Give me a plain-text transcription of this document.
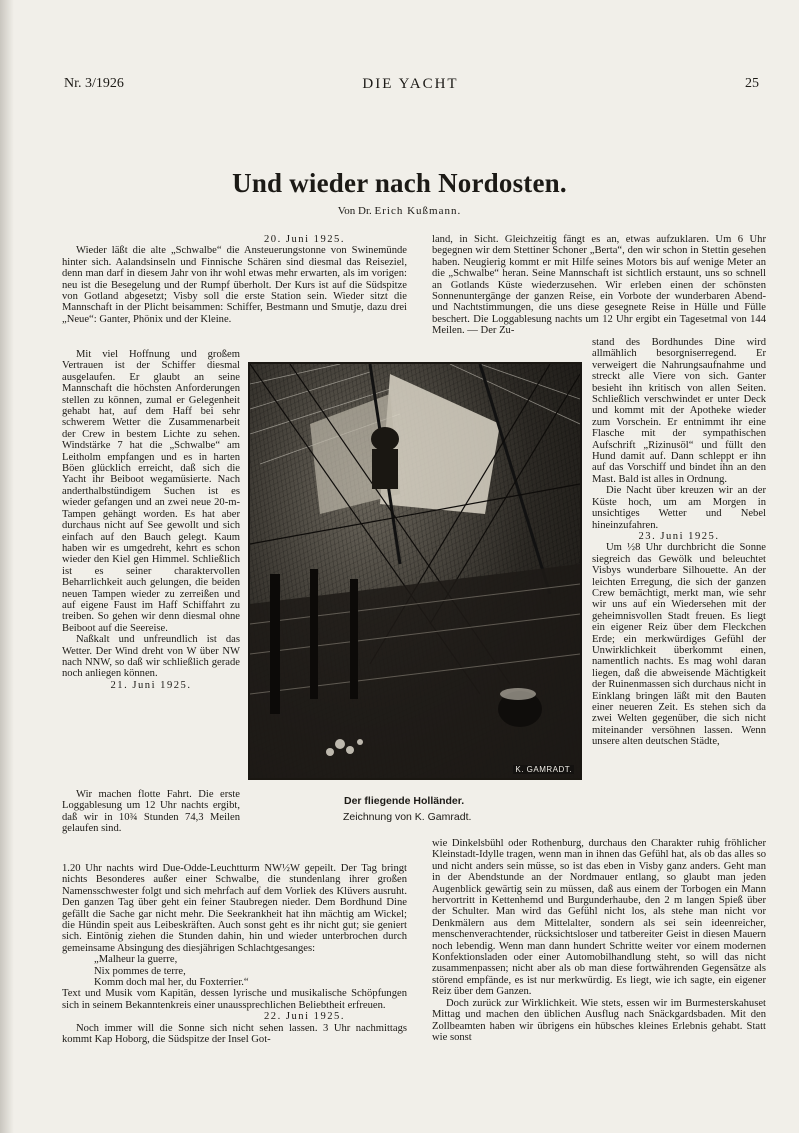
Nr. 3/1926	DIE YACHT	25
Und wieder nach Nordosten.
Von Dr. Erich Kußmann.

20. Juni 1925.

Wieder läßt die alte „Schwalbe“ die Ansteuerungstonne von Swinemünde hinter sich. Aalandsinseln und Finnische Schären sind diesmal das Reiseziel, denn man darf in diesem Jahr von ihr wohl etwas mehr erwarten, als im vorigen: neu ist die Besegelung und der Rumpf überholt. Der Kurs ist auf die Südspitze von Gotland abgesetzt; Visby soll die erste Station sein. Wieder sitzt die Mannschaft in der Plicht beisammen: Schiffer, Bestmann und Smutje, dazu drei „Neue“: Ganter, Phönix und der Kleine.

Mit viel Hoffnung und großem Vertrauen ist der Schiffer diesmal ausgelaufen. Er glaubt an seine Mannschaft die höchsten Anforderungen stellen zu können, zumal er Gelegenheit gehabt hat, auf dem Haff bei sehr schwerem Wetter die Zusammenarbeit der Crew in bestem Lichte zu sehen. Windstärke 7 hat die „Schwalbe“ am Leitholm empfangen und es in harten Böen glücklich erreicht, daß sich die Yacht ihr Beiboot wegamüsierte. Nach anderthalbstündigem Suchen ist es wieder gefangen und an zwei neue 20-m-Tampen gehängt worden. Es hat aber durchaus nicht auf See gewollt und sich einfach auf den Bauch gelegt. Kaum haben wir es umgedreht, kehrt es schon wieder den Kiel gen Himmel. Schließlich ist es seiner charaktervollen Beharrlichkeit auch gelungen, die beiden neuen Tampen wieder zu zerreißen und auf eigene Faust im Haff Schiffahrt zu treiben. So gehen wir denn diesmal ohne Beiboot auf die Seereise.

Naßkalt und unfreundlich ist das Wetter. Der Wind dreht von W über NW nach NNW, so daß wir schließlich gerade noch anliegen können.

21. Juni 1925.

Wir machen flotte Fahrt. Die erste Loggablesung um 12 Uhr nachts ergibt, daß wir in 10¾ Stunden 74,3 Meilen gelaufen sind.

1.20 Uhr nachts wird Due-Odde-Leuchtturm NW½W gepeilt. Der Tag bringt nichts Besonderes außer einer Schwalbe, die stundenlang ihrer großen Namensschwester folgt und sich mehrfach auf dem Vorliek des Klüvers ausruht. Den ganzen Tag über geht ein feiner Staubregen nieder. Dem Bordhund Dine gefällt die Sache gar nicht mehr. Die Seekrankheit hat ihn mächtig am Wickel; die Hündin speit aus Leibeskräften. Auch sonst geht es ihr nicht gut; sie geniert sich. Eintönig ziehen die Stunden dahin, hin und wieder unterbrochen durch gemeinsame Absingung des diesjährigen Schlachtgesanges:

„Malheur la guerre,

Nix pommes de terre,

Komm doch mal her, du Foxterrier.“

Text und Musik vom Kapitän, dessen lyrische und musikalische Schöpfungen sich in seinem Bekanntenkreis einer unaussprechlichen Beliebtheit erfreuen.

22. Juni 1925.

Noch immer will die Sonne sich nicht sehen lassen. 3 Uhr nachmittags kommt Kap Hoborg, die Südspitze der Insel Got-

land, in Sicht. Gleichzeitig fängt es an, etwas aufzuklaren. Um 6 Uhr begegnen wir dem Stettiner Schoner „Berta“, den wir schon in Stettin gesehen haben. Neugierig kommt er mit Hilfe seines Motors bis auf wenige Meter an die „Schwalbe“ heran. Seine Mannschaft ist sichtlich erstaunt, uns so schnell an Gotlands Küste wiederzusehen. Wir erleben einen der schönsten Sonnenuntergänge der ganzen Reise, ein Vorbote der wunderbaren Abend- und Nachtstimmungen, die uns diese gesegnete Reise in Hülle und Fülle beschert. Die Loggablesung nachts um 12 Uhr ergibt ein Tagesetmal von 144 Meilen. — Der Zu-

stand des Bordhundes Dine wird allmählich besorgniserregend. Er verweigert die Nahrungsaufnahme und streckt alle Viere von sich. Ganter besieht ihn kritisch von allen Seiten. Schließlich verschwindet er unter Deck und kommt mit der Apotheke wieder zum Vorschein. Er entnimmt ihr eine Flasche mit der sympathischen Aufschrift „Rizinusöl“ und füllt den Hund damit auf. Dann schleppt er ihn auf das Vorschiff und bindet ihn an den Mast. Bald ist alles in Ordnung.

Die Nacht über kreuzen wir an der Küste hoch, um am Morgen in unsichtiges Wetter und Nebel hineinzufahren.

23. Juni 1925.

Um ½8 Uhr durchbricht die Sonne siegreich das Gewölk und beleuchtet Visbys wunderbare Silhouette. An der leichten Erregung, die sich der ganzen Crew bemächtigt, merkt man, wie sehr wir uns auf ein Wiedersehen mit der geheimnisvollen Stadt freuen. Es liegt ein eigener Reiz über dem Fleckchen Erde; ein merkwürdiges Gefühl der Unwirklichkeit überkommt einen, namentlich nachts. Es mag wohl daran liegen, daß die abweisende Mächtigkeit der Ruinenmassen sich durchaus nicht in Einklang bringen läßt mit den Bauten einer neueren Zeit. Es stehen sich da zwei Welten gegenüber, die sich nicht miteinander versöhnen lassen. Wenn unsere alten deutschen Städte,

wie Dinkelsbühl oder Rothenburg, durchaus den Charakter ruhig fröhlicher Kleinstadt-Idylle tragen, wenn man in ihnen das Gefühl hat, als ob das alles so und nicht anders sein müsse, so ist das eben in Visby ganz anders. Geht man in der Abendstunde an der Nordmauer entlang, so glaubt man jeden Augenblick gewärtig sein zu müssen, daß aus einem der Torbogen ein Mann hervortritt in Kettenhemd und Burgunderhaube, den 2 m langen Spieß über der Schulter. Man wird das Gefühl nicht los, als stehe man nicht vor Denkmälern aus dem Mittelalter, sondern als sei sein ideenreicher, menschenverachtender, rücksichtsloser und tatbereiter Geist in diesen Mauern noch lebendig. Wenn man dann hundert Schritte weiter vor einem modernen Konfektionsladen oder einer Automobilhandlung steht, so will das nicht zusammenpassen; nicht aber als ob man diese fortwährenden Gegensätze als störend empfände, es ist nur merkwürdig. Es liegt, wie ich sagte, ein eigener Reiz über dem Ganzen.

Doch zurück zur Wirklichkeit. Wie stets, essen wir im Burmesterskahuset Mittag und machen den üblichen Ausflug nach Snäckgardsbaden. Mit den Zollbeamten haben wir übrigens ein hübsches kleines Erlebnis gehabt. Statt wie sonst

K. GAMRADT.
Der fliegende Holländer.
Zeichnung von K. Gamradt.
